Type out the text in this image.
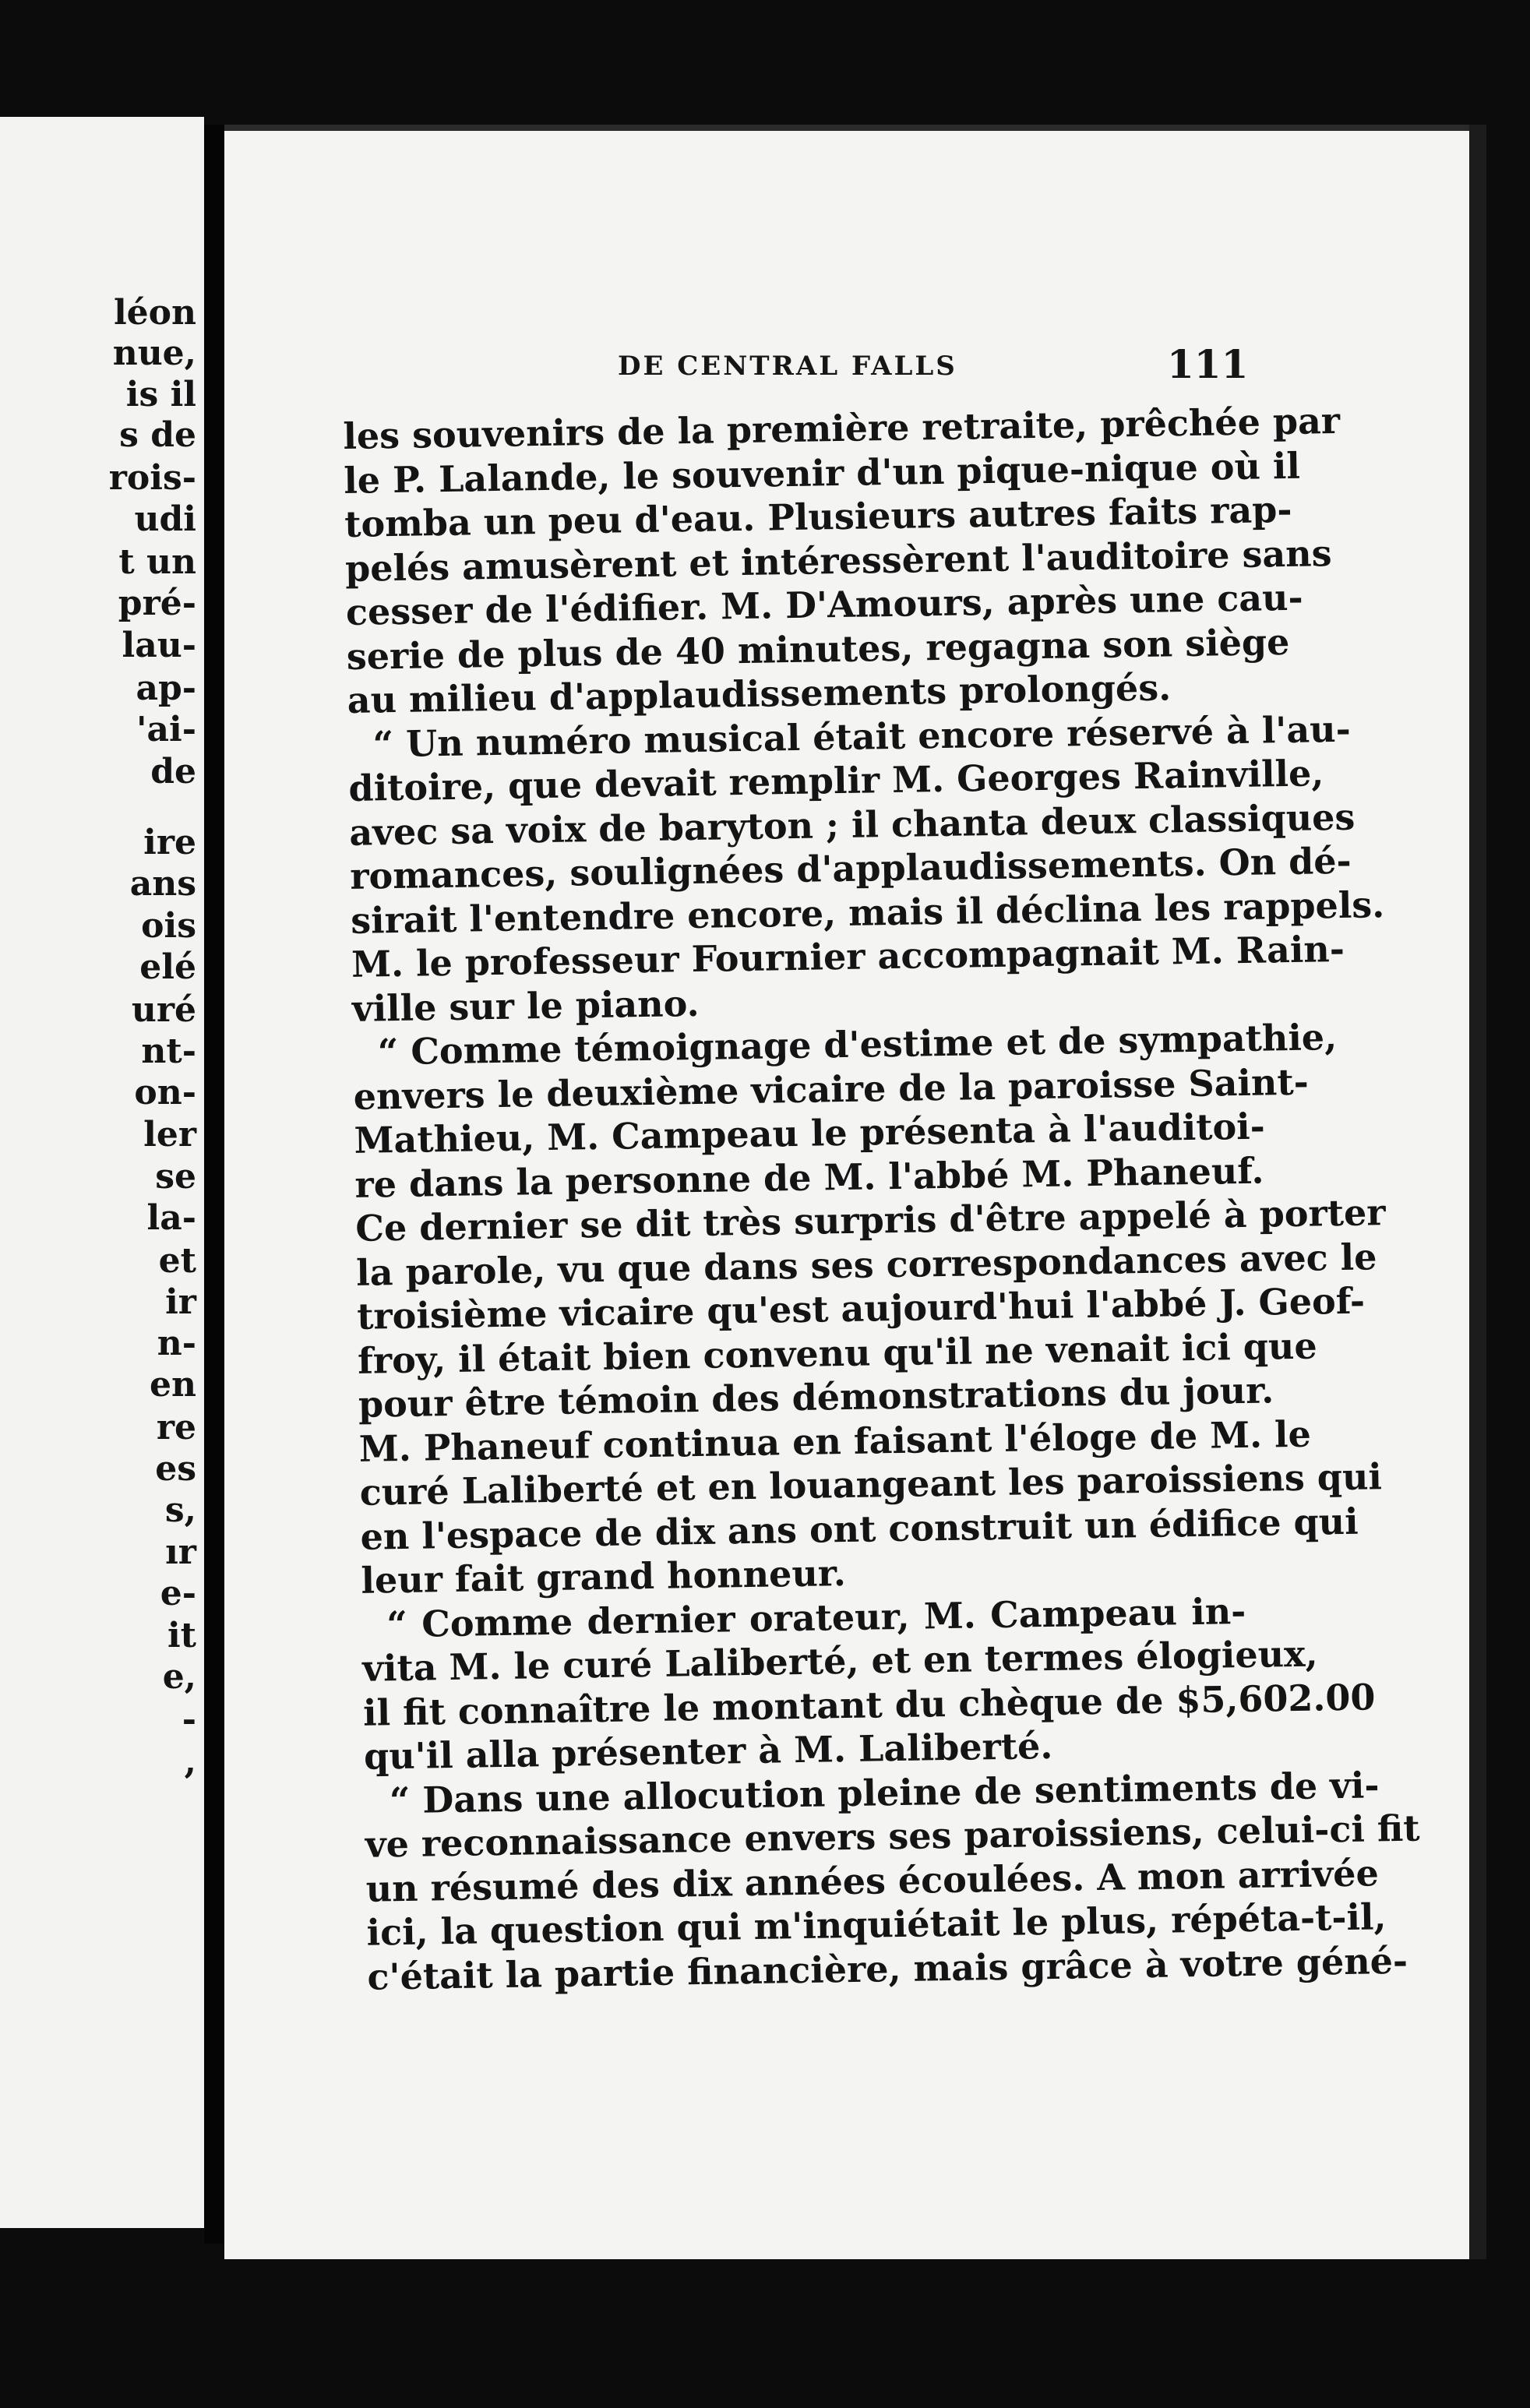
léon
nue,
is il
s de
rois-
udi
t un
pré-
lau-
ap-
'ai-
de
ire
ans
ois
elé
uré
nt-
on-
ler
se
la-
et
ir
n-
en
re
es
s,
ır
e-
it
e,
-
,
DE CENTRAL FALLS	111
les souvenirs de la première retraite, prêchée par
le P. Lalande, le souvenir d'un pique-nique où il
tomba un peu d'eau. Plusieurs autres faits rap-
pelés amusèrent et intéressèrent l'auditoire sans
cesser de l'édifier. M. D'Amours, après une cau-
serie de plus de 40 minutes, regagna son siège
au milieu d'applaudissements prolongés.
“ Un numéro musical était encore réservé à l'au-
ditoire, que devait remplir M. Georges Rainville,
avec sa voix de baryton ; il chanta deux classiques
romances, soulignées d'applaudissements. On dé-
sirait l'entendre encore, mais il déclina les rappels.
M. le professeur Fournier accompagnait M. Rain-
ville sur le piano.
“ Comme témoignage d'estime et de sympathie,
envers le deuxième vicaire de la paroisse Saint-
Mathieu, M. Campeau le présenta à l'auditoi-
re dans la personne de M. l'abbé M. Phaneuf.
Ce dernier se dit très surpris d'être appelé à porter
la parole, vu que dans ses correspondances avec le
troisième vicaire qu'est aujourd'hui l'abbé J. Geof-
froy, il était bien convenu qu'il ne venait ici que
pour être témoin des démonstrations du jour.
M. Phaneuf continua en faisant l'éloge de M. le
curé Laliberté et en louangeant les paroissiens qui
en l'espace de dix ans ont construit un édifice qui
leur fait grand honneur.
“ Comme dernier orateur, M. Campeau in-
vita M. le curé Laliberté, et en termes élogieux,
il fit connaître le montant du chèque de $5,602.00
qu'il alla présenter à M. Laliberté.
“ Dans une allocution pleine de sentiments de vi-
ve reconnaissance envers ses paroissiens, celui-ci fit
un résumé des dix années écoulées. A mon arrivée
ici, la question qui m'inquiétait le plus, répéta-t-il,
c'était la partie financière, mais grâce à votre géné-
